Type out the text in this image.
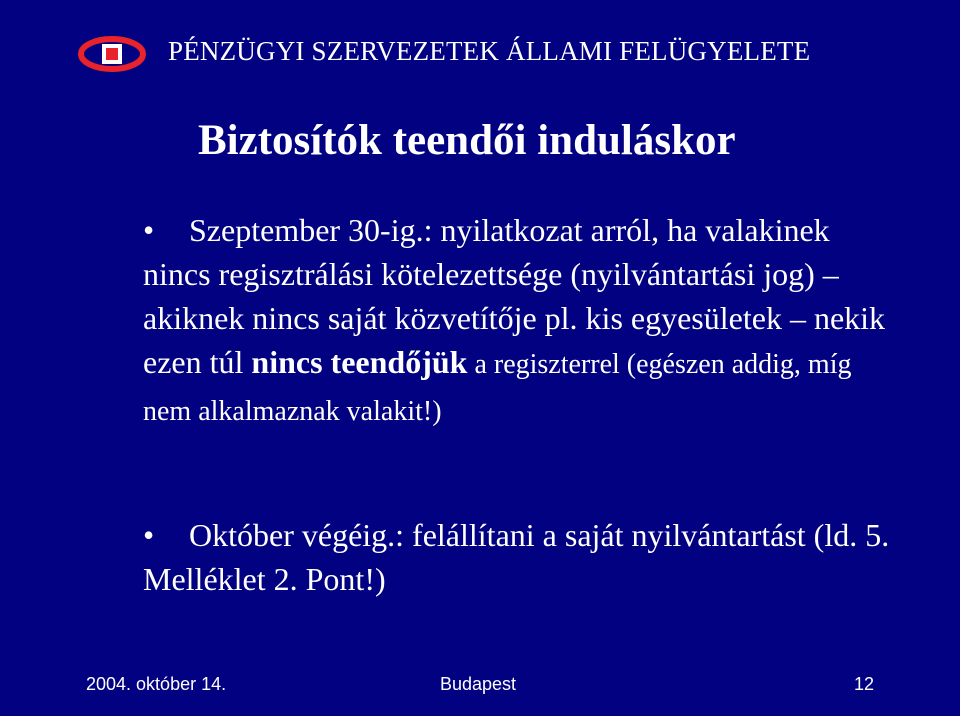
PÉNZÜGYI SZERVEZETEK ÁLLAMI FELÜGYELETE
Biztosítók teendői induláskor
• Szeptember 30-ig.: nyilatkozat arról, ha valakinek nincs regisztrálási kötelezettsége (nyilvántartási jog) – akiknek nincs saját közvetítője pl. kis egyesületek – nekik ezen túl nincs teendőjük a regiszterrel (egészen addig, míg nem alkalmaznak valakit!)
• Október végéig.: felállítani a saját nyilvántartást (ld. 5. Melléklet 2. Pont!)
2004. október 14.	Budapest	12
